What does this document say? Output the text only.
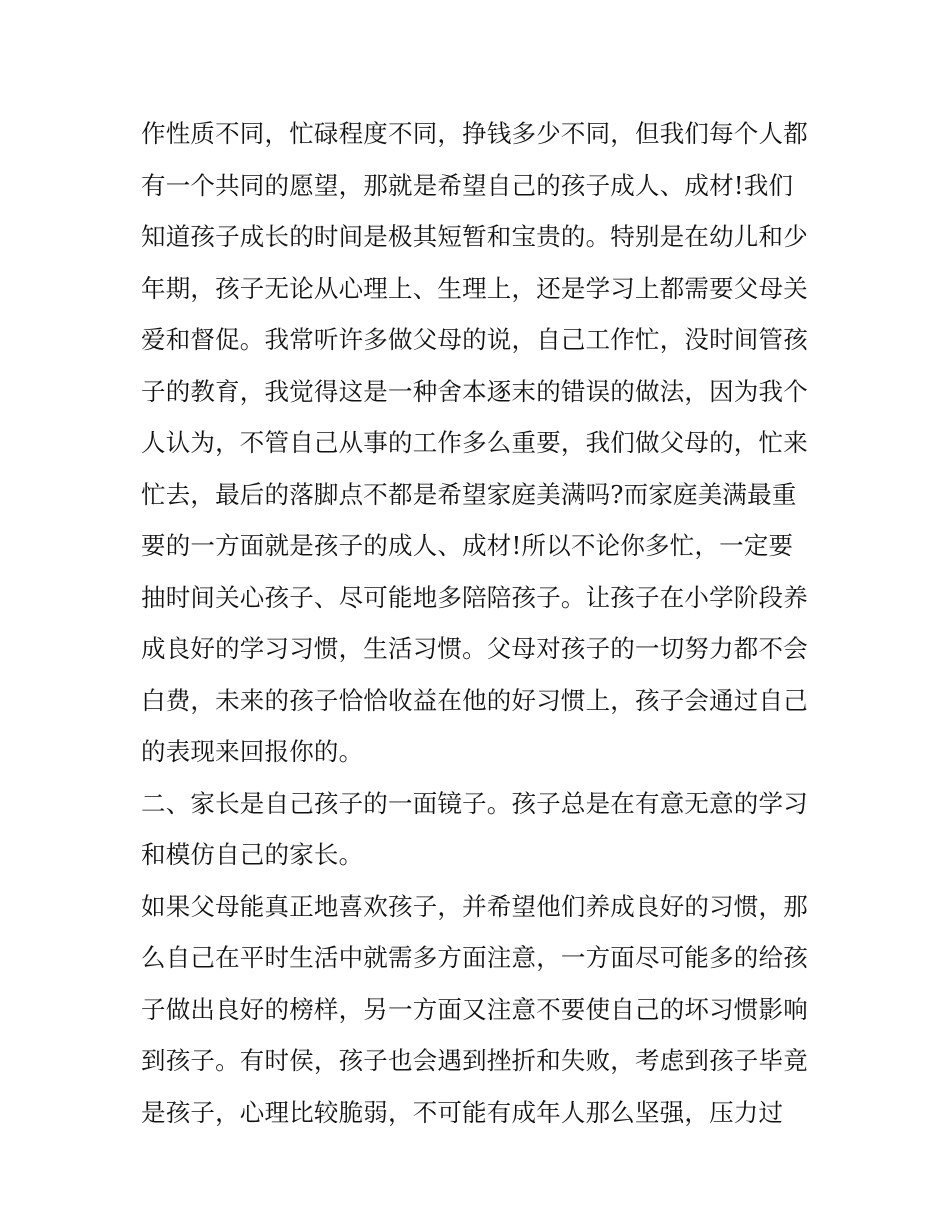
作性质不同，忙碌程度不同，挣钱多少不同，但我们每个人都
有一个共同的愿望，那就是希望自己的孩子成人、成材!我们
知道孩子成长的时间是极其短暂和宝贵的。特别是在幼儿和少
年期，孩子无论从心理上、生理上，还是学习上都需要父母关
爱和督促。我常听许多做父母的说，自己工作忙，没时间管孩
子的教育，我觉得这是一种舍本逐末的错误的做法，因为我个
人认为，不管自己从事的工作多么重要，我们做父母的，忙来
忙去，最后的落脚点不都是希望家庭美满吗?而家庭美满最重
要的一方面就是孩子的成人、成材!所以不论你多忙，一定要
抽时间关心孩子、尽可能地多陪陪孩子。让孩子在小学阶段养
成良好的学习习惯，生活习惯。父母对孩子的一切努力都不会
白费，未来的孩子恰恰收益在他的好习惯上，孩子会通过自己
的表现来回报你的。
二、家长是自己孩子的一面镜子。孩子总是在有意无意的学习
和模仿自己的家长。
如果父母能真正地喜欢孩子，并希望他们养成良好的习惯，那
么自己在平时生活中就需多方面注意，一方面尽可能多的给孩
子做出良好的榜样，另一方面又注意不要使自己的坏习惯影响
到孩子。有时侯，孩子也会遇到挫折和失败，考虑到孩子毕竟
是孩子，心理比较脆弱，不可能有成年人那么坚强，压力过
